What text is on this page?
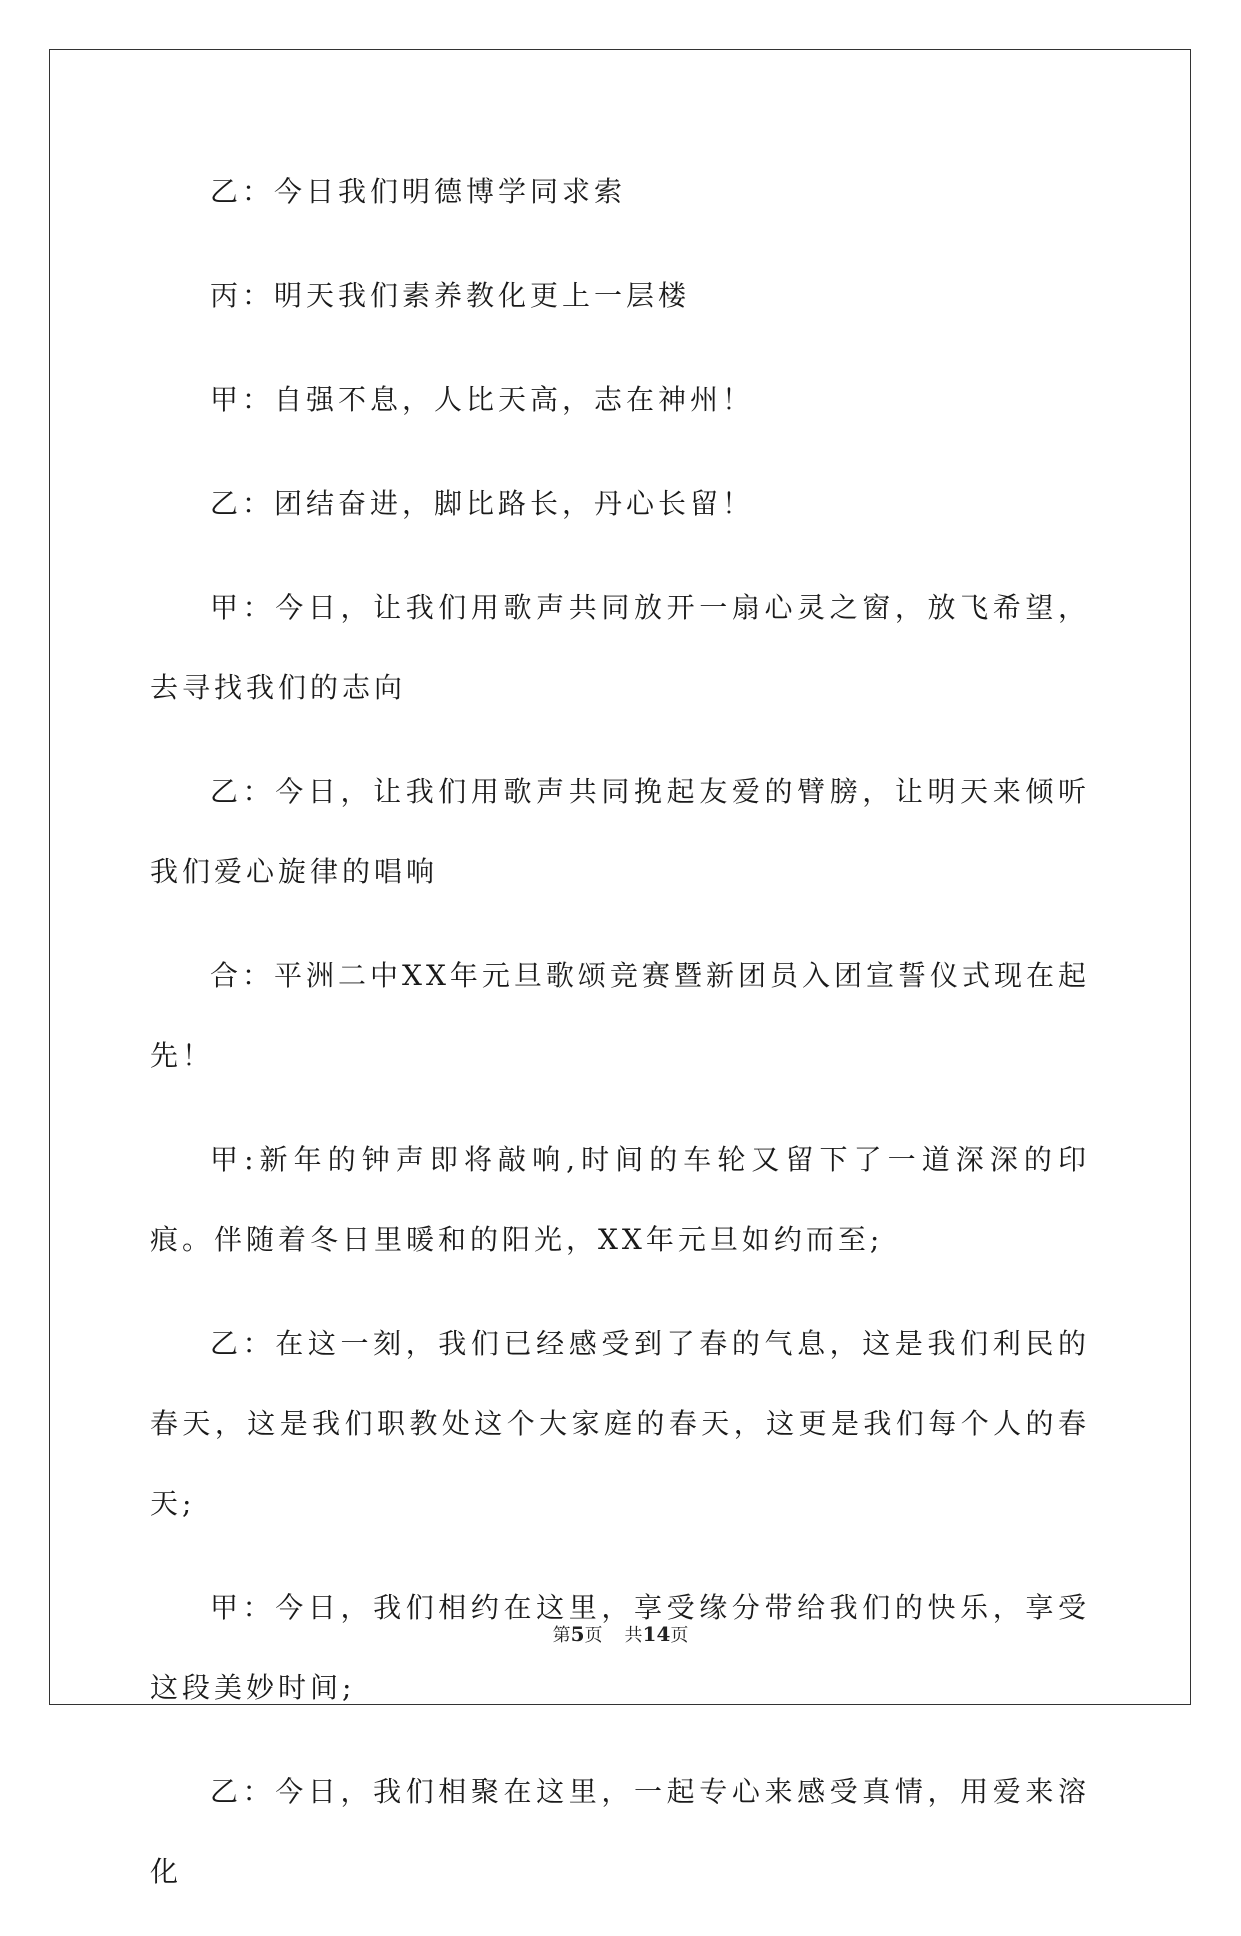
乙：今日我们明德博学同求索

丙：明天我们素养教化更上一层楼

甲：自强不息，人比天高，志在神州！

乙：团结奋进，脚比路长，丹心长留！

甲：今日，让我们用歌声共同放开一扇心灵之窗，放飞希望，去寻找我们的志向

乙：今日，让我们用歌声共同挽起友爱的臂膀，让明天来倾听我们爱心旋律的唱响

合：平洲二中XX年元旦歌颂竞赛暨新团员入团宣誓仪式现在起先！

甲:新年的钟声即将敲响,时间的车轮又留下了一道深深的印痕。伴随着冬日里暖和的阳光，XX年元旦如约而至;

乙：在这一刻，我们已经感受到了春的气息，这是我们利民的春天，这是我们职教处这个大家庭的春天，这更是我们每个人的春天;

甲：今日，我们相约在这里，享受缘分带给我们的快乐，享受这段美妙时间;

乙：今日，我们相聚在这里，一起专心来感受真情，用爱来溶化

第5页 共14页
